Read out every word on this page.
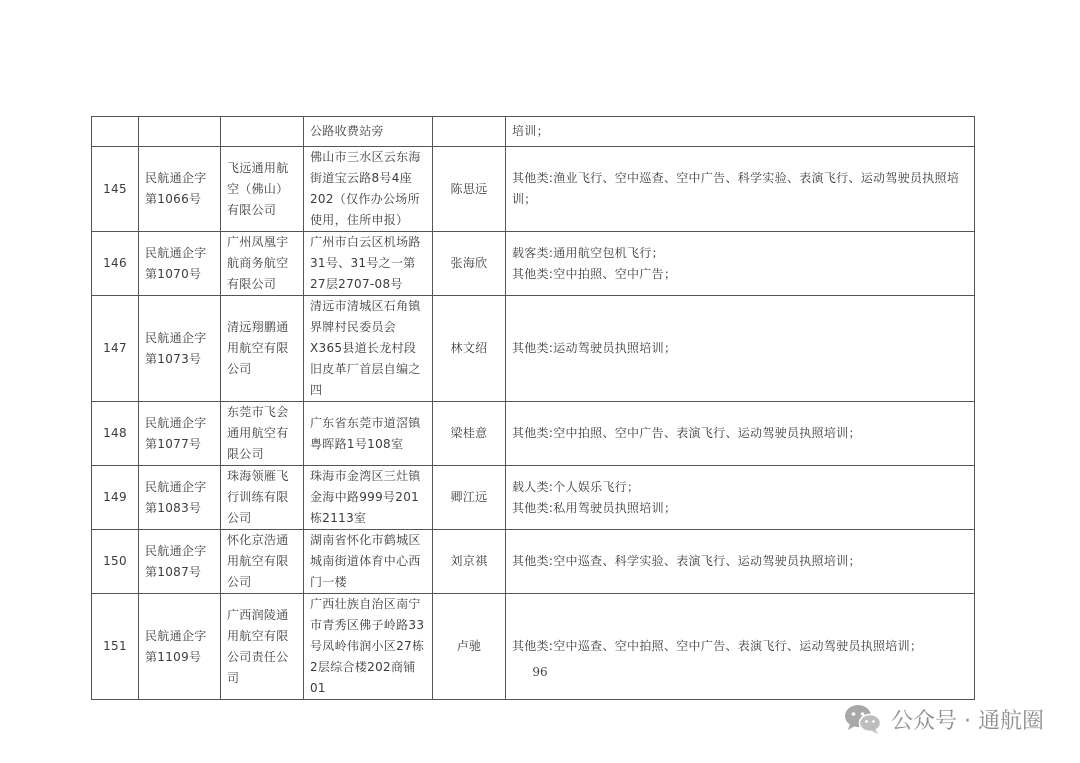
			公路收费站旁		培训；
145	民航通企字第1066号	飞远通用航空（佛山）有限公司	佛山市三水区云东海街道宝云路8号4座202（仅作办公场所使用，住所申报）	陈思远	其他类:渔业飞行、空中巡查、空中广告、科学实验、表演飞行、运动驾驶员执照培训；
146	民航通企字第1070号	广州凤凰宇航商务航空有限公司	广州市白云区机场路31号、31号之一第27层2707-08号	张海欣	载客类:通用航空包机飞行；
其他类:空中拍照、空中广告；
147	民航通企字第1073号	清远翔鹏通用航空有限公司	清远市清城区石角镇界牌村民委员会X365县道长龙村段旧皮革厂首层自编之四	林文绍	其他类:运动驾驶员执照培训；
148	民航通企字第1077号	东莞市飞会通用航空有限公司	广东省东莞市道滘镇粤晖路1号108室	梁桂意	其他类:空中拍照、空中广告、表演飞行、运动驾驶员执照培训；
149	民航通企字第1083号	珠海领雁飞行训练有限公司	珠海市金湾区三灶镇金海中路999号201栋2113室	卿江远	载人类:个人娱乐飞行；
其他类:私用驾驶员执照培训；
150	民航通企字第1087号	怀化京浩通用航空有限公司	湖南省怀化市鹤城区城南街道体育中心西门一楼	刘京祺	其他类:空中巡查、科学实验、表演飞行、运动驾驶员执照培训；
151	民航通企字第1109号	广西润陵通用航空有限公司责任公司	广西壮族自治区南宁市青秀区佛子岭路33号凤岭伟润小区27栋2层综合楼202商铺01	卢驰	其他类:空中巡查、空中拍照、空中广告、表演飞行、运动驾驶员执照培训；
96
公众号 · 通航圈
